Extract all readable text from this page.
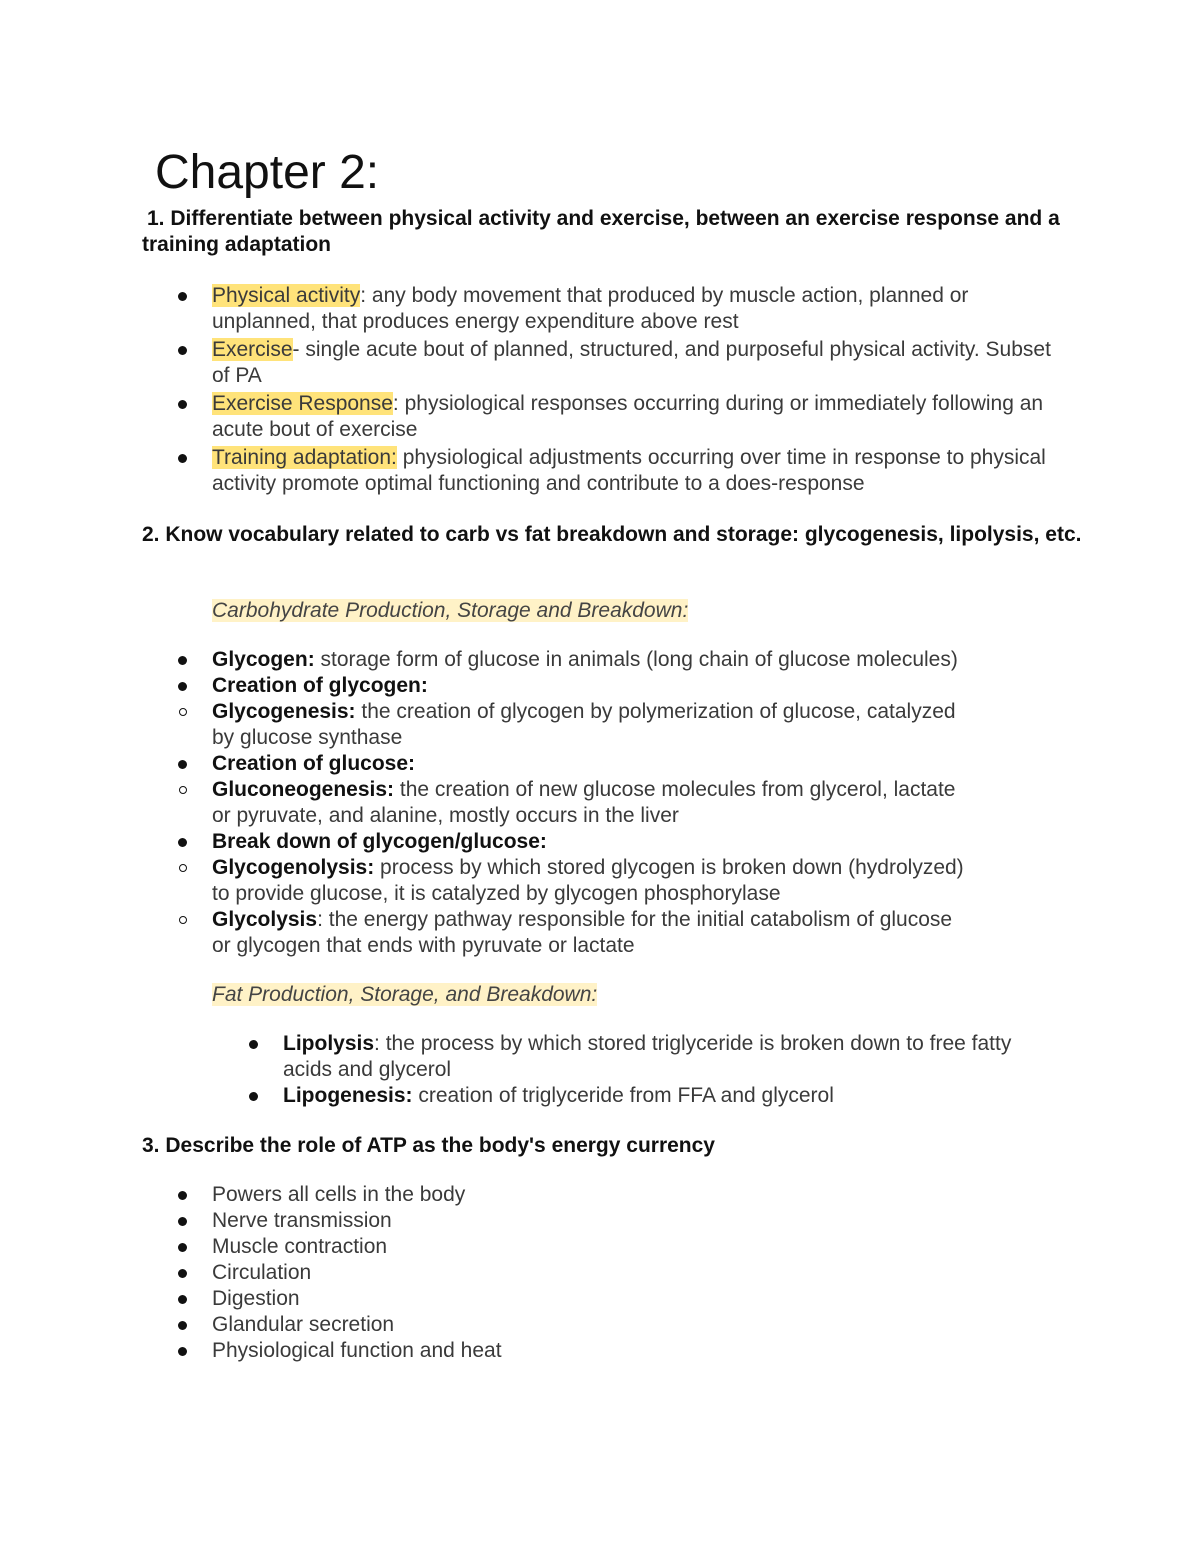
Chapter 2:
1. Differentiate between physical activity and exercise, between an exercise response and a training adaptation
Physical activity: any body movement that produced by muscle action, planned or unplanned, that produces energy expenditure above rest
Exercise- single acute bout of planned, structured, and purposeful physical activity. Subset of PA
Exercise Response: physiological responses occurring during or immediately following an acute bout of exercise
Training adaptation: physiological adjustments occurring over time in response to physical activity promote optimal functioning and contribute to a does-response
2. Know vocabulary related to carb vs fat breakdown and storage: glycogenesis, lipolysis, etc.
Carbohydrate Production, Storage and Breakdown:
Glycogen: storage form of glucose in animals (long chain of glucose molecules)
Creation of glycogen:
Glycogenesis: the creation of glycogen by polymerization of glucose, catalyzed by glucose synthase
Creation of glucose:
Gluconeogenesis: the creation of new glucose molecules from glycerol, lactate or pyruvate, and alanine, mostly occurs in the liver
Break down of glycogen/glucose:
Glycogenolysis: process by which stored glycogen is broken down (hydrolyzed) to provide glucose, it is catalyzed by glycogen phosphorylase
Glycolysis: the energy pathway responsible for the initial catabolism of glucose or glycogen that ends with pyruvate or lactate
Fat Production, Storage, and Breakdown:
Lipolysis: the process by which stored triglyceride is broken down to free fatty acids and glycerol
Lipogenesis: creation of triglyceride from FFA and glycerol
3. Describe the role of ATP as the body's energy currency
Powers all cells in the body
Nerve transmission
Muscle contraction
Circulation
Digestion
Glandular secretion
Physiological function and heat
